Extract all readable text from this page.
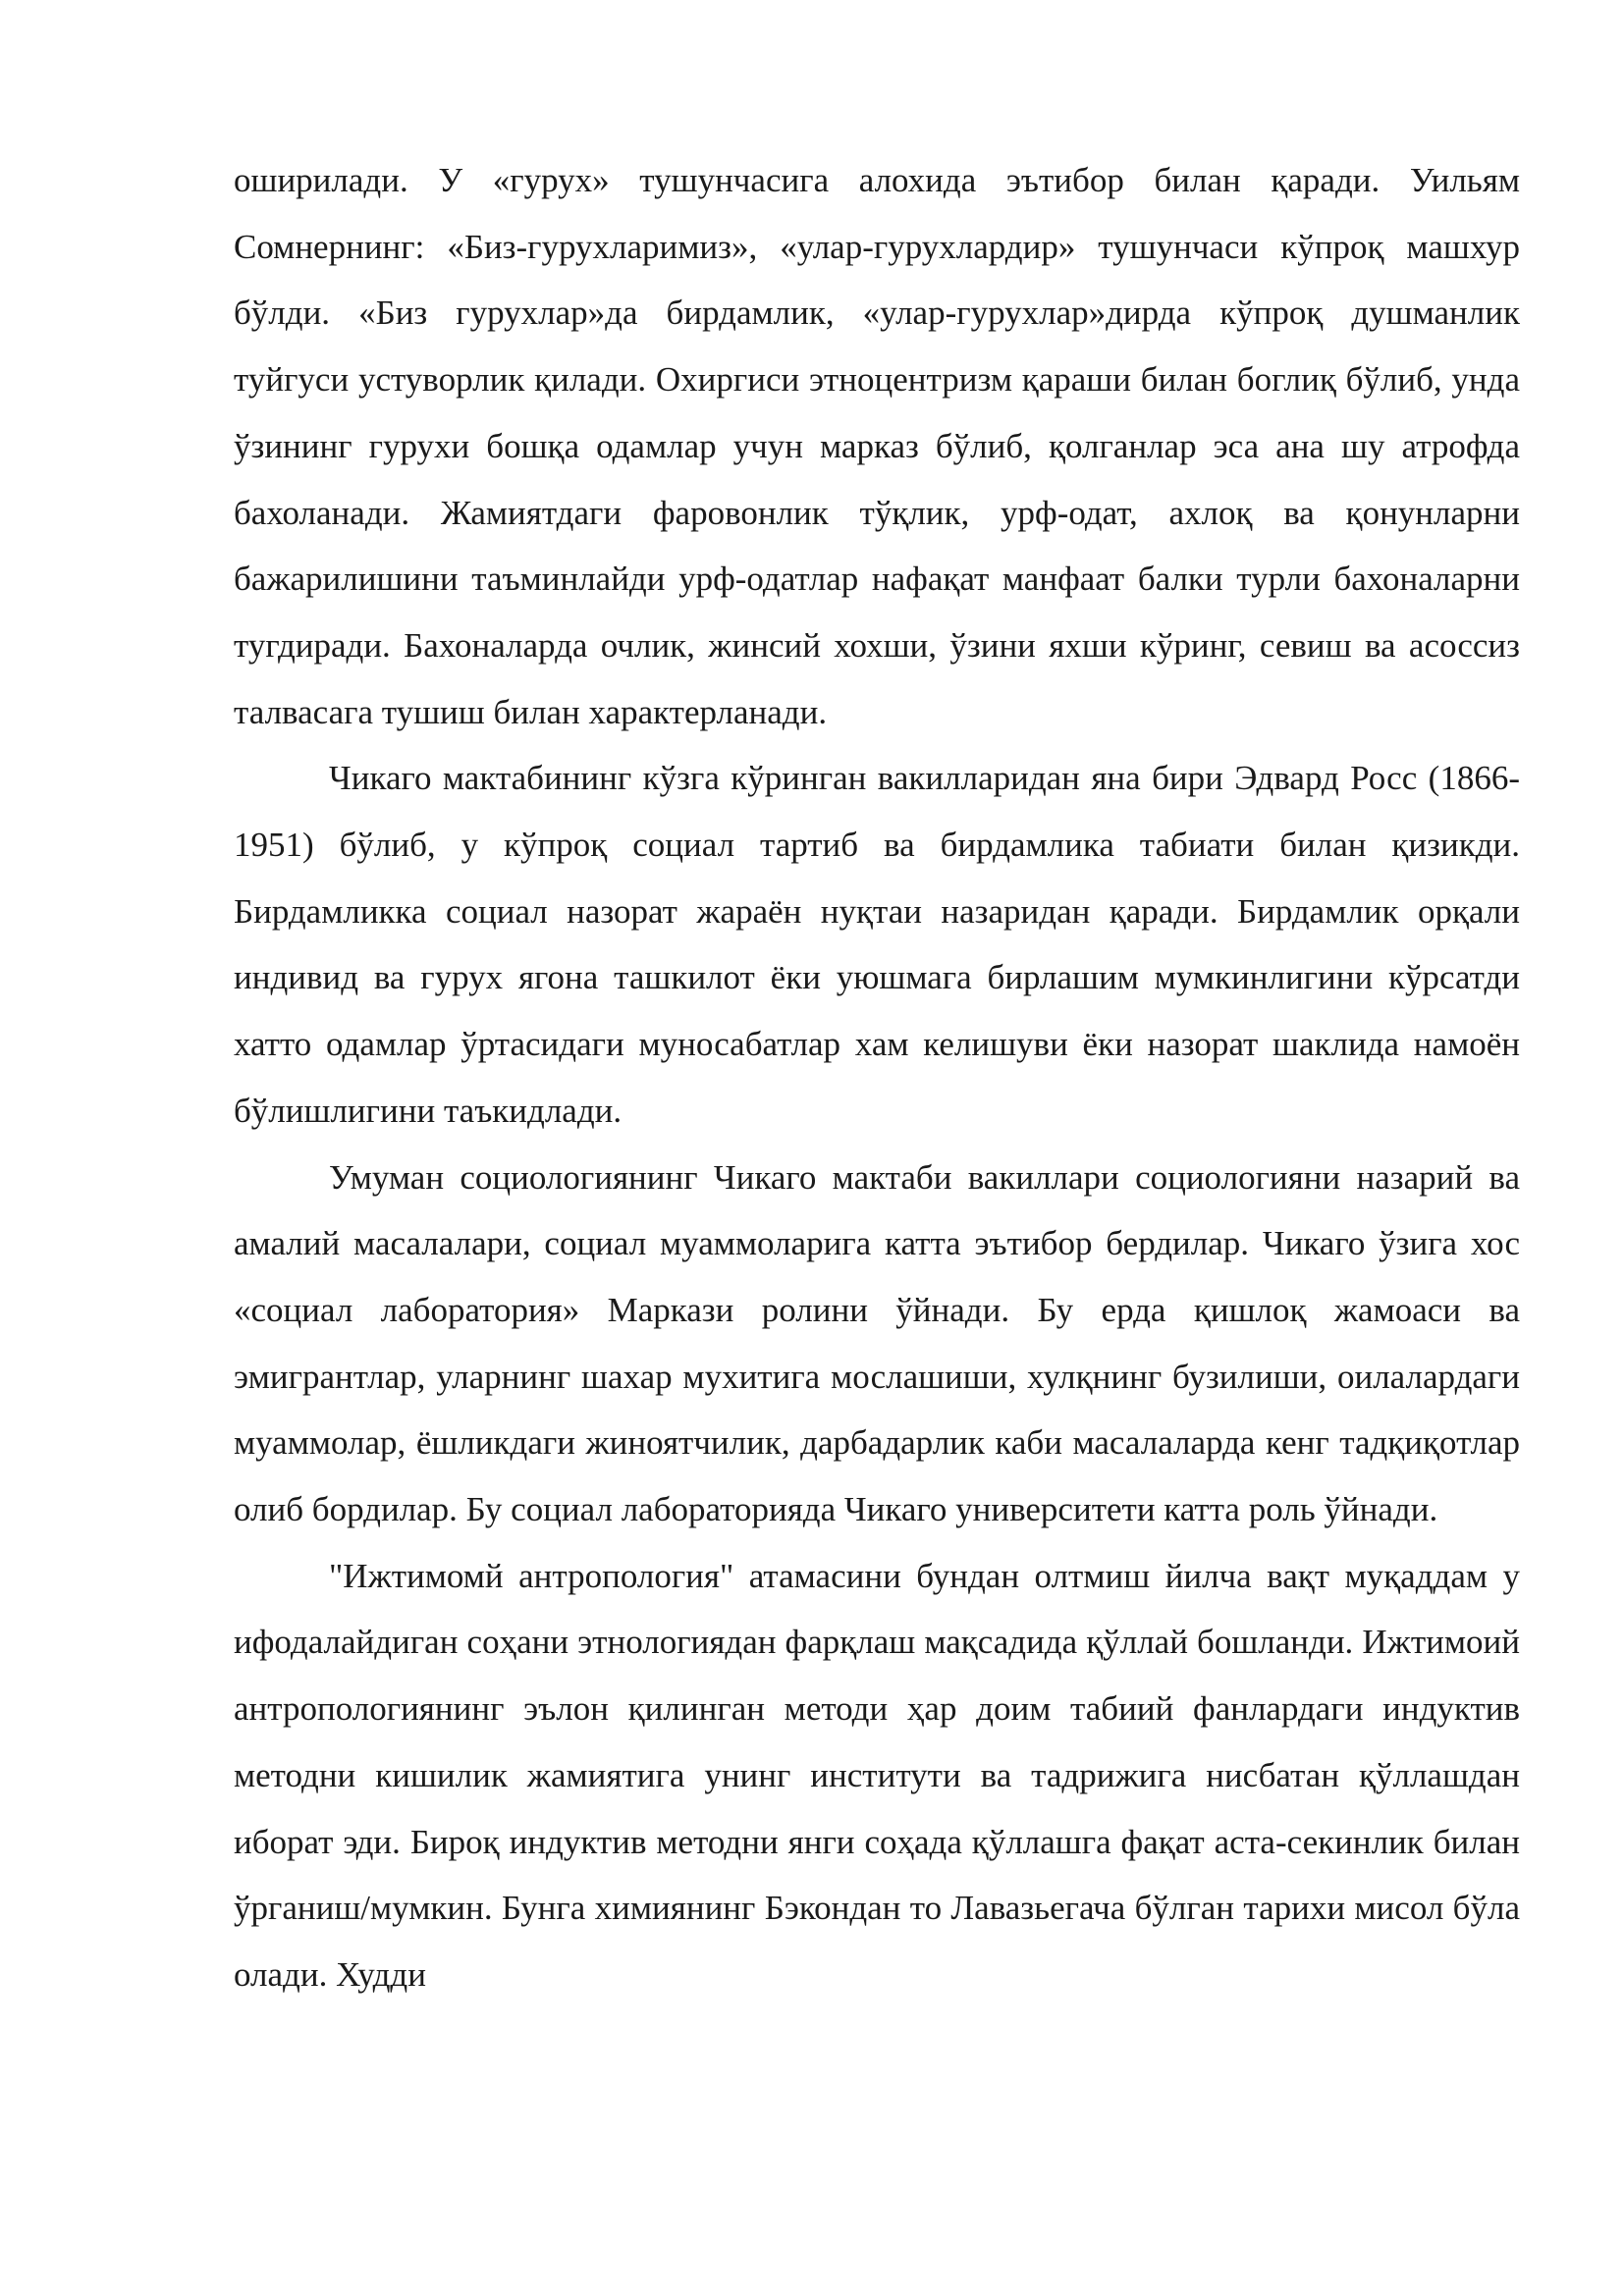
оширилади. У «гурух» тушунчасига алохида эътибор билан қаради. Уильям Сомнернинг: «Биз-гурухларимиз», «улар-гурухлардир» тушунчаси кўпроқ машхур бўлди. «Биз гурухлар»да бирдамлик, «улар-гурухлар»дирда кўпроқ душманлик туйгуси устуворлик қилади. Охиргиси этноцентризм қараши билан боглиқ бўлиб, унда ўзининг гурухи бошқа одамлар учун марказ бўлиб, қолганлар эса ана шу атрофда бахоланади. Жамиятдаги фаровонлик тўқлик, урф-одат, ахлоқ ва қонунларни бажарилишини таъминлайди урф-одатлар нафақат манфаат балки турли бахоналарни тугдиради. Бахоналарда очлик, жинсий хохши, ўзини яхши кўринг, севиш ва асоссиз талвасага тушиш билан характерланади.

Чикаго мактабининг кўзга кўринган вакилларидан яна бири Эдвард Росс (1866-1951) бўлиб, у кўпроқ социал тартиб ва бирдамлика табиати билан қизикди. Бирдамликка социал назорат жараён нуқтаи назаридан қаради. Бирдамлик орқали индивид ва гурух ягона ташкилот ёки уюшмага бирлашим мумкинлигини кўрсатди хатто одамлар ўртасидаги муносабатлар хам келишуви ёки назорат шаклида намоён бўлишлигини таъкидлади.

Умуман социологиянинг Чикаго мактаби вакиллари социологияни назарий ва амалий масалалари, социал муаммоларига катта эътибор бердилар. Чикаго ўзига хос «социал лаборатория» Маркази ролини ўйнади. Бу ерда қишлоқ жамоаси ва эмигрантлар, уларнинг шахар мухитига мослашиши, хулқнинг бузилиши, оилалардаги муаммолар, ёшликдаги жиноятчилик, дарбадарлик каби масалаларда кенг тадқиқотлар олиб бордилар. Бу социал лабораторияда Чикаго университети катта роль ўйнади.

"Ижтимомй антропология" атамасини бундан олтмиш йилча вақт муқаддам у ифодалайдиган соҳани этнологиядан фарқлаш мақсадида қўллай бошланди. Ижтимоий антропологиянинг эълон қилинган методи ҳар доим табиий фанлардаги индуктив методни кишилик жамиятига унинг институти ва тадрижига нисбатан қўллашдан иборат эди. Бироқ индуктив методни янги соҳада қўллашга фақат аста-секинлик билан ўрганиш/мумкин. Бунга химиянинг Бэкондан то Лавазьегача бўлган тарихи мисол бўла олади. Худди
